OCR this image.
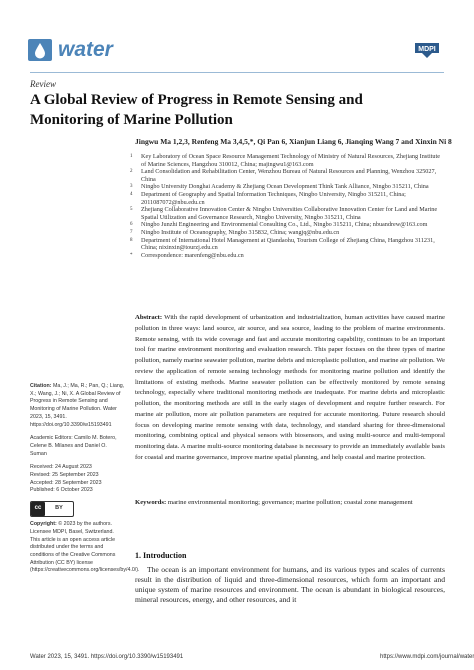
water	MDPI
Review
A Global Review of Progress in Remote Sensing and
Monitoring of Marine Pollution
Jingwu Ma 1,2,3, Renfeng Ma 3,4,5,*, Qi Pan 6, Xianjun Liang 6, Jianqing Wang 7 and Xinxin Ni 8
1	Key Laboratory of Ocean Space Resource Management Technology of Ministry of Natural Resources, Zhejiang Institute of Marine Sciences, Hangzhou 310012, China; majingwu1@163.com
2	Land Consolidation and Rehabilitation Center, Wenzhou Bureau of Natural Resources and Planning, Wenzhou 325027, China
3	Ningbo University Donghai Academy & Zhejiang Ocean Development Think Tank Alliance, Ningbo 315211, China
4	Department of Geography and Spatial Information Techniques, Ningbo University, Ningbo 315211, China; 2011087072@nbu.edu.cn
5	Zhejiang Collaborative Innovation Center & Ningbo Universities Collaborative Innovation Center for Land and Marine Spatial Utilization and Governance Research, Ningbo University, Ningbo 315211, China
6	Ningbo Junzhi Engineering and Environmental Consulting Co., Ltd., Ningbo 315211, China; nbuandrew@163.com
7	Ningbo Institute of Oceanography, Ningbo 315832, China; wangjq@nbu.edu.cn
8	Department of International Hotel Management at Qiandaohu, Tourism College of Zhejiang China, Hangzhou 311231, China; nixinxin@tourzj.edu.cn
*	Correspondence: marenfeng@nbu.edu.cn
Abstract: With the rapid development of urbanization and industrialization, human activities have caused marine pollution in three ways: land source, air source, and sea source, leading to the problem of marine environments. Remote sensing, with its wide coverage and fast and accurate monitoring capability, continues to be an important tool for marine environment monitoring and evaluation research. This paper focuses on the three types of marine pollution, namely marine seawater pollution, marine debris and microplastic pollution, and marine air pollution. We review the application of remote sensing technology methods for monitoring marine pollution and identify the limitations of existing methods. Marine seawater pollution can be effectively monitored by remote sensing technology, especially where traditional monitoring methods are inadequate. For marine debris and microplastic pollution, the monitoring methods are still in the early stages of development and require further research. For marine air pollution, more air pollution parameters are required for accurate monitoring. Future research should focus on developing marine remote sensing with data, technology, and standard sharing for three-dimensional monitoring, combining optical and physical sensors with biosensors, and using multi-source and multi-temporal monitoring data. A marine multi-source monitoring database is necessary to provide an immediately available basis for coastal and marine governance, improve marine spatial planning, and help coastal and marine protection.
Keywords: marine environmental monitoring; governance; marine pollution; coastal zone management
Citation: Ma, J.; Ma, R.; Pan, Q.; Liang, X.; Wang, J.; Ni, X. A Global Review of Progress in Remote Sensing and Monitoring of Marine Pollution. Water 2023, 15, 3491. https://doi.org/10.3390/w15193491
Academic Editors: Camilo M. Botero, Celene B. Milanes and Daniel O. Suman
Received: 24 August 2023
Revised: 25 September 2023
Accepted: 28 September 2023
Published: 6 October 2023
cc	BY
Copyright: © 2023 by the authors. Licensee MDPI, Basel, Switzerland. This article is an open access article distributed under the terms and conditions of the Creative Commons Attribution (CC BY) license (https://creativecommons.org/licenses/by/4.0/).
1. Introduction
The ocean is an important environment for humans, and its various types and scales of currents result in the distribution of liquid and three-dimensional resources, which form an important and unique system of marine resources and environment. The ocean is abundant in biological resources, mineral resources, energy, and other resources, and it
Water 2023, 15, 3491. https://doi.org/10.3390/w15193491	https://www.mdpi.com/journal/water
